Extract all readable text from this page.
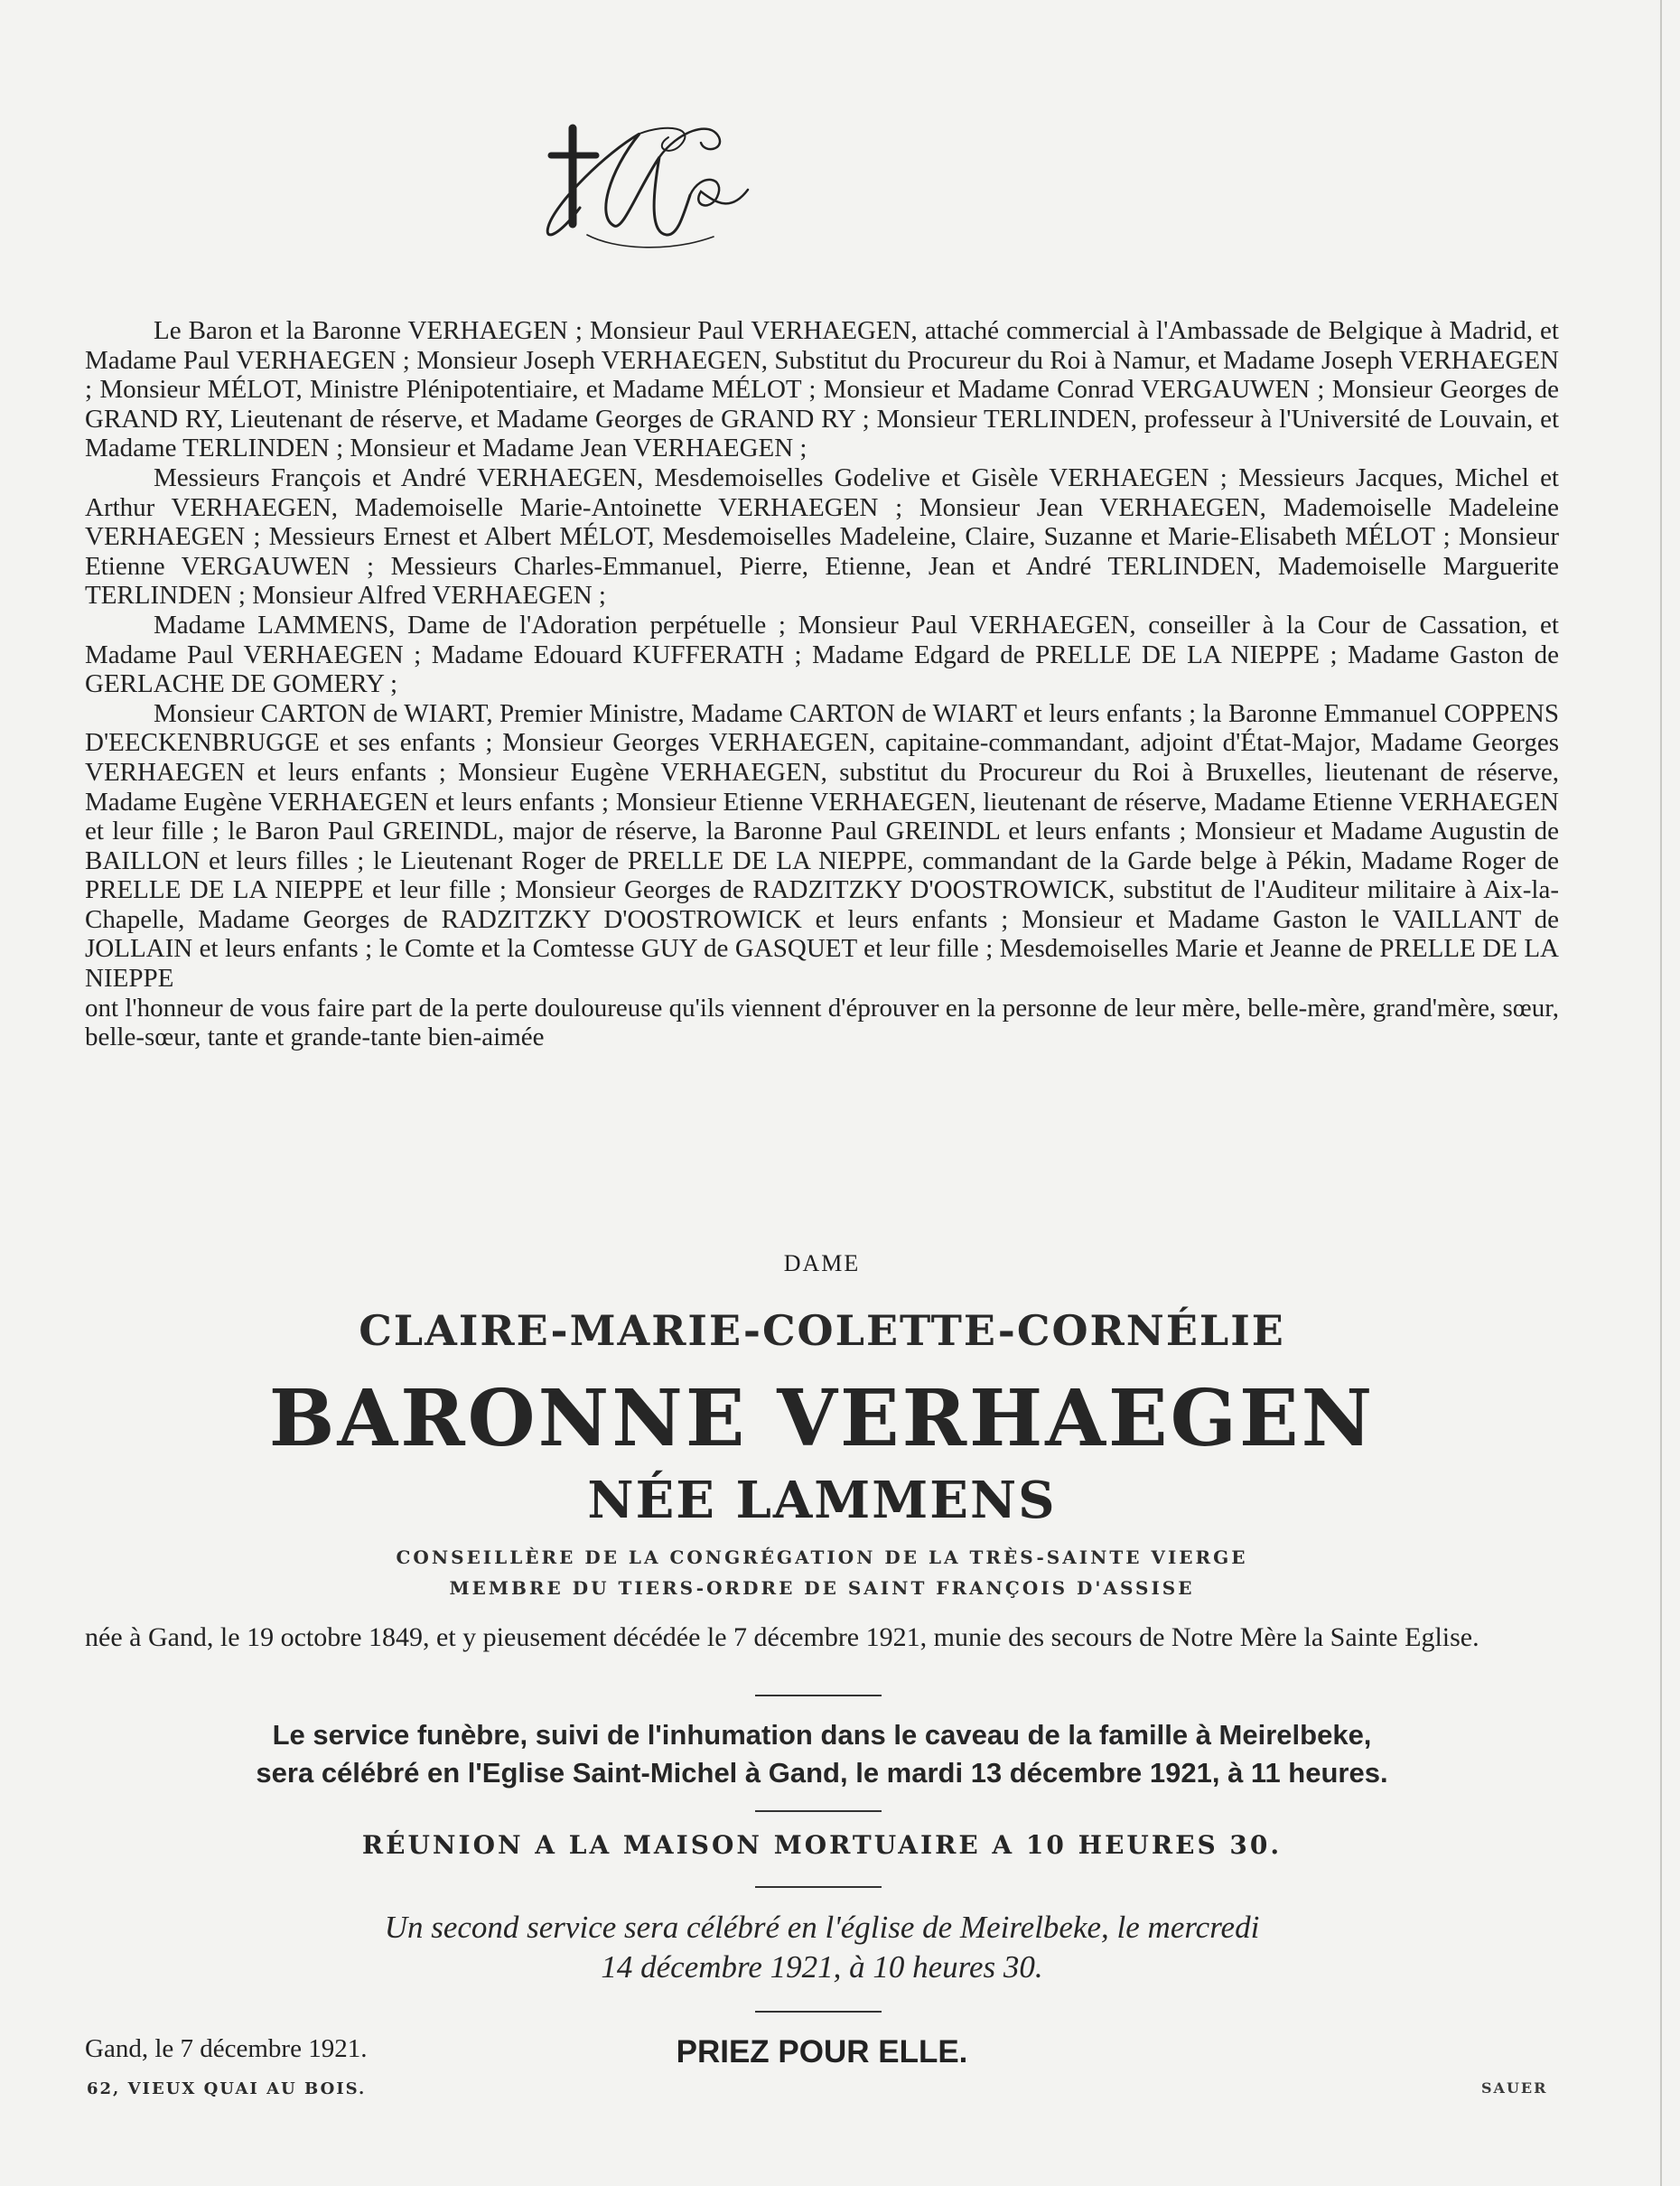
Le Baron et la Baronne VERHAEGEN ; Monsieur Paul VERHAEGEN, attaché commercial à l'Ambassade de Belgique à Madrid, et Madame Paul VERHAEGEN ; Monsieur Joseph VERHAEGEN, Substitut du Procureur du Roi à Namur, et Madame Joseph VERHAEGEN ; Monsieur MÉLOT, Ministre Plénipotentiaire, et Madame MÉLOT ; Monsieur et Madame Conrad VERGAUWEN ; Monsieur Georges de GRAND RY, Lieutenant de réserve, et Madame Georges de GRAND RY ; Monsieur TERLINDEN, professeur à l'Université de Louvain, et Madame TERLINDEN ; Monsieur et Madame Jean VERHAEGEN ;

Messieurs François et André VERHAEGEN, Mesdemoiselles Godelive et Gisèle VERHAEGEN ; Messieurs Jacques, Michel et Arthur VERHAEGEN, Mademoiselle Marie-Antoinette VERHAEGEN ; Monsieur Jean VERHAEGEN, Mademoiselle Madeleine VERHAEGEN ; Messieurs Ernest et Albert MÉLOT, Mesdemoiselles Madeleine, Claire, Suzanne et Marie-Elisabeth MÉLOT ; Monsieur Etienne VERGAUWEN ; Messieurs Charles-Emmanuel, Pierre, Etienne, Jean et André TERLINDEN, Mademoiselle Marguerite TERLINDEN ; Monsieur Alfred VERHAEGEN ;

Madame LAMMENS, Dame de l'Adoration perpétuelle ; Monsieur Paul VERHAEGEN, conseiller à la Cour de Cassation, et Madame Paul VERHAEGEN ; Madame Edouard KUFFERATH ; Madame Edgard de PRELLE DE LA NIEPPE ; Madame Gaston de GERLACHE DE GOMERY ;

Monsieur CARTON de WIART, Premier Ministre, Madame CARTON de WIART et leurs enfants ; la Baronne Emmanuel COPPENS D'EECKENBRUGGE et ses enfants ; Monsieur Georges VERHAEGEN, capitaine-commandant, adjoint d'État-Major, Madame Georges VERHAEGEN et leurs enfants ; Monsieur Eugène VERHAEGEN, substitut du Procureur du Roi à Bruxelles, lieutenant de réserve, Madame Eugène VERHAEGEN et leurs enfants ; Monsieur Etienne VERHAEGEN, lieutenant de réserve, Madame Etienne VERHAEGEN et leur fille ; le Baron Paul GREINDL, major de réserve, la Baronne Paul GREINDL et leurs enfants ; Monsieur et Madame Augustin de BAILLON et leurs filles ; le Lieutenant Roger de PRELLE DE LA NIEPPE, commandant de la Garde belge à Pékin, Madame Roger de PRELLE DE LA NIEPPE et leur fille ; Monsieur Georges de RADZITZKY D'OOSTROWICK, substitut de l'Auditeur militaire à Aix-la-Chapelle, Madame Georges de RADZITZKY D'OOSTROWICK et leurs enfants ; Monsieur et Madame Gaston le VAILLANT de JOLLAIN et leurs enfants ; le Comte et la Comtesse GUY de GASQUET et leur fille ; Mesdemoiselles Marie et Jeanne de PRELLE DE LA NIEPPE

ont l'honneur de vous faire part de la perte douloureuse qu'ils viennent d'éprouver en la personne de leur mère, belle-mère, grand'mère, sœur, belle-sœur, tante et grande-tante bien-aimée

DAME
CLAIRE-MARIE-COLETTE-CORNÉLIE
BARONNE VERHAEGEN
NÉE LAMMENS
CONSEILLÈRE DE LA CONGRÉGATION DE LA TRÈS-SAINTE VIERGE
MEMBRE DU TIERS-ORDRE DE SAINT FRANÇOIS D'ASSISE
née à Gand, le 19 octobre 1849, et y pieusement décédée le 7 décembre 1921, munie des secours de Notre Mère la Sainte Eglise.
Le service funèbre, suivi de l'inhumation dans le caveau de la famille à Meirelbeke,
sera célébré en l'Eglise Saint-Michel à Gand, le mardi 13 décembre 1921, à 11 heures.
RÉUNION A LA MAISON MORTUAIRE A 10 HEURES 30.
Un second service sera célébré en l'église de Meirelbeke, le mercredi
14 décembre 1921, à 10 heures 30.
PRIEZ POUR ELLE.
Gand, le 7 décembre 1921.
62, VIEUX QUAI AU BOIS.	SAUER
